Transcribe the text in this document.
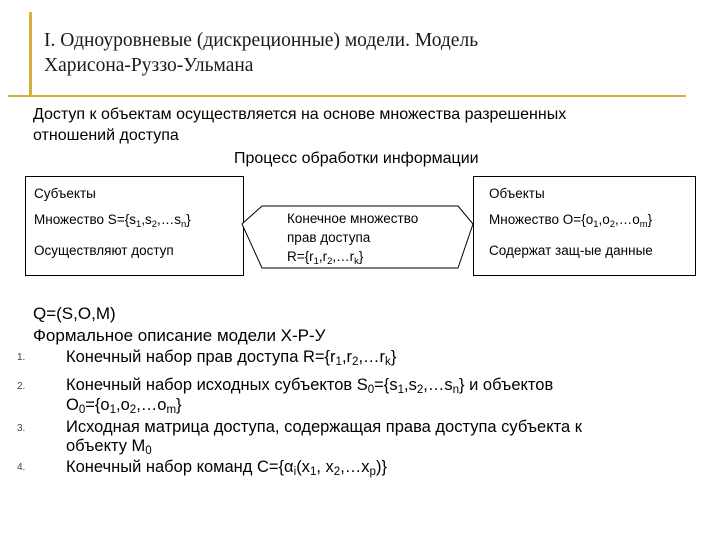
I. Одноуровневые (дискреционные) модели. Модель
Харисона-Руззо-Ульмана
Доступ к объектам осуществляется на основе множества разрешенных
отношений доступа
Процесс обработки информации
Субъекты
Множество $S=\{s_1,s_2,\dots s_n\}$
Осуществляют доступ
Конечное множество
прав доступа
$R=\{r_1,r_2,\dots r_k\}$
Объекты
Множество $O=\{o_1,o_2,\dots o_m\}$
Содержат защ-ые данные
Q=(S,O,M)
Формальное описание модели Х-Р-У
1. Конечный набор прав доступа $R=\{r_1,r_2,\dots r_k\}$
2. Конечный набор исходных субъектов $S_0=\{s_1,s_2,\dots s_n\}$ и объектов
$O_0=\{o_1,o_2,\dots o_m\}$
3. Исходная матрица доступа, содержащая права доступа субъекта к
объекту $M_0$
4. Конечный набор команд $C=\{\alpha_i(x_1$, $x_2,\dots x_p$)}
